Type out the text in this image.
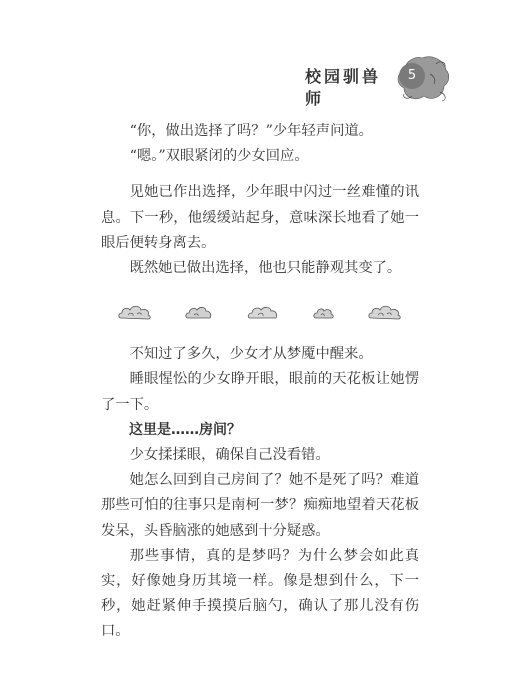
校园驯兽师
5

“你，做出选择了吗？”少年轻声问道。

“嗯。”双眼紧闭的少女回应。

见她已作出选择，少年眼中闪过一丝难懂的讯息。下一秒，他缓缓站起身，意味深长地看了她一眼后便转身离去。

既然她已做出选择，他也只能静观其变了。

不知过了多久，少女才从梦魇中醒来。

睡眼惺忪的少女睁开眼，眼前的天花板让她愣了一下。

这里是……房间？

少女揉揉眼，确保自己没看错。

她怎么回到自己房间了？她不是死了吗？难道那些可怕的往事只是南柯一梦？痴痴地望着天花板发呆，头昏脑涨的她感到十分疑惑。

那些事情，真的是梦吗？为什么梦会如此真实，好像她身历其境一样。像是想到什么，下一秒，她赶紧伸手摸摸后脑勺，确认了那儿没有伤口。
